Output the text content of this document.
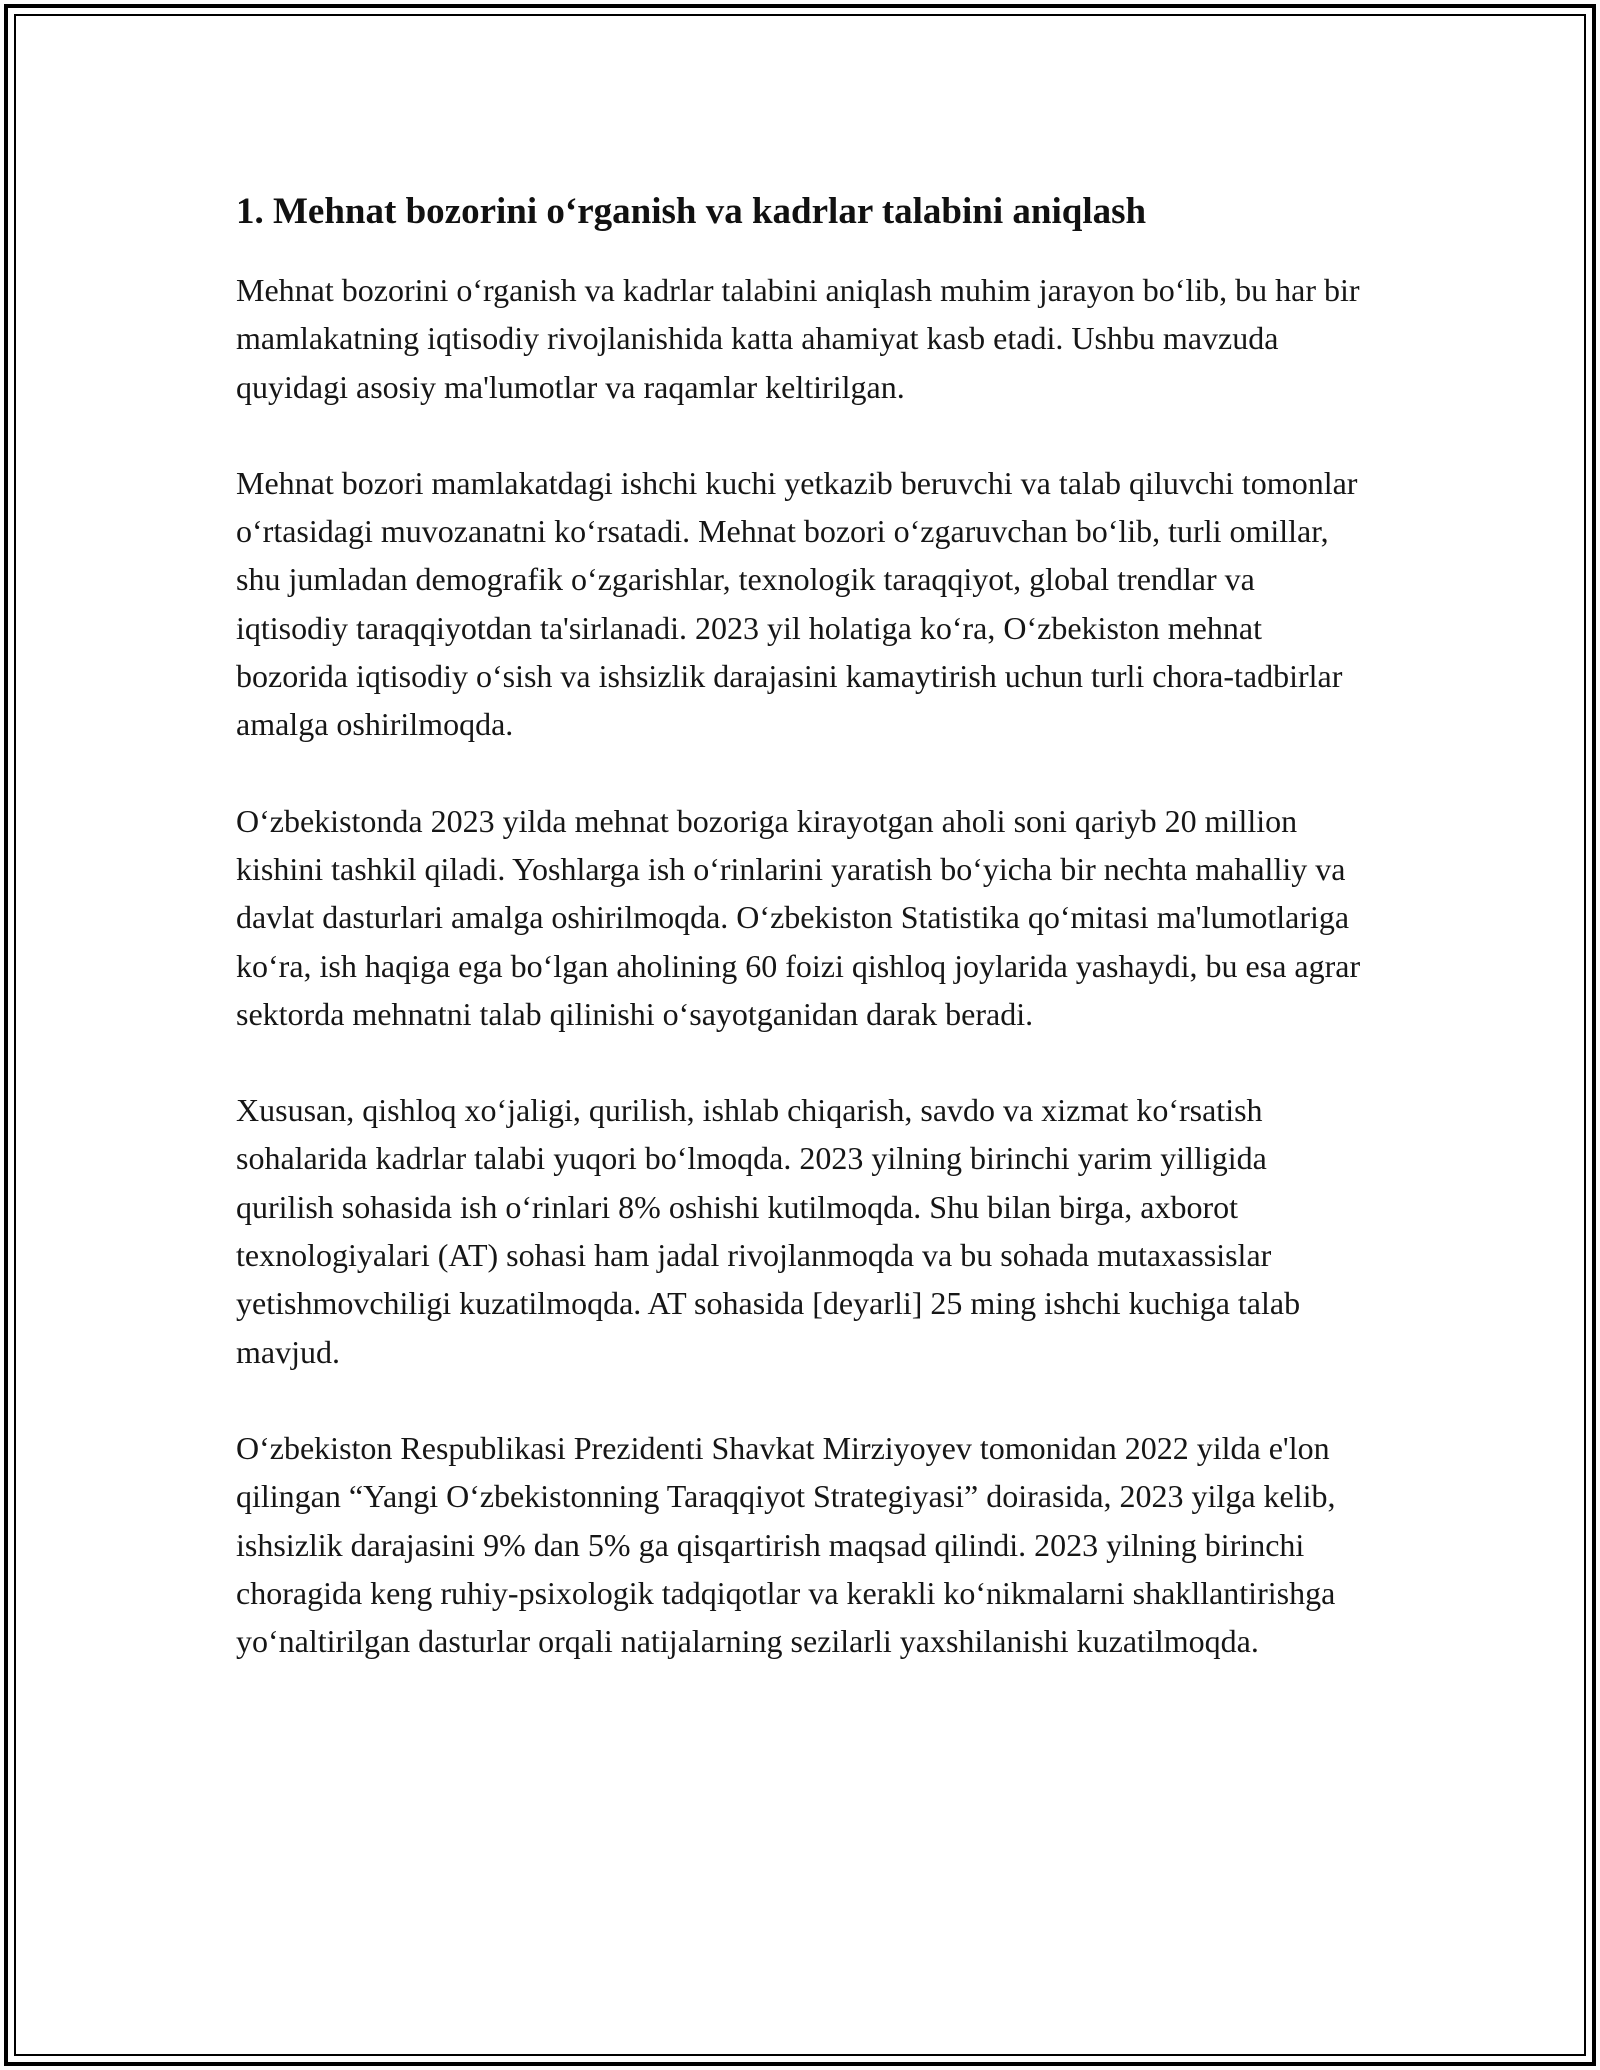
1. Mehnat bozorini oʻrganish va kadrlar talabini aniqlash

Mehnat bozorini oʻrganish va kadrlar talabini aniqlash muhim jarayon boʻlib, bu har bir mamlakatning iqtisodiy rivojlanishida katta ahamiyat kasb etadi. Ushbu mavzuda quyidagi asosiy ma'lumotlar va raqamlar keltirilgan.

Mehnat bozori mamlakatdagi ishchi kuchi yetkazib beruvchi va talab qiluvchi tomonlar oʻrtasidagi muvozanatni koʻrsatadi. Mehnat bozori oʻzgaruvchan boʻlib, turli omillar, shu jumladan demografik oʻzgarishlar, texnologik taraqqiyot, global trendlar va iqtisodiy taraqqiyotdan ta'sirlanadi. 2023 yil holatiga koʻra, Oʻzbekiston mehnat bozorida iqtisodiy oʻsish va ishsizlik darajasini kamaytirish uchun turli chora-tadbirlar amalga oshirilmoqda.

Oʻzbekistonda 2023 yilda mehnat bozoriga kirayotgan aholi soni qariyb 20 million kishini tashkil qiladi. Yoshlarga ish oʻrinlarini yaratish boʻyicha bir nechta mahalliy va davlat dasturlari amalga oshirilmoqda. Oʻzbekiston Statistika qoʻmitasi ma'lumotlariga koʻra, ish haqiga ega boʻlgan aholining 60 foizi qishloq joylarida yashaydi, bu esa agrar sektorda mehnatni talab qilinishi oʻsayotganidan darak beradi.

Xususan, qishloq xoʻjaligi, qurilish, ishlab chiqarish, savdo va xizmat koʻrsatish sohalarida kadrlar talabi yuqori boʻlmoqda. 2023 yilning birinchi yarim yilligida qurilish sohasida ish oʻrinlari 8% oshishi kutilmoqda. Shu bilan birga, axborot texnologiyalari (AT) sohasi ham jadal rivojlanmoqda va bu sohada mutaxassislar yetishmovchiligi kuzatilmoqda. AT sohasida [deyarli] 25 ming ishchi kuchiga talab mavjud.

Oʻzbekiston Respublikasi Prezidenti Shavkat Mirziyoyev tomonidan 2022 yilda e'lon qilingan “Yangi Oʻzbekistonning Taraqqiyot Strategiyasi” doirasida, 2023 yilga kelib, ishsizlik darajasini 9% dan 5% ga qisqartirish maqsad qilindi. 2023 yilning birinchi choragida keng ruhiy-psixologik tadqiqotlar va kerakli koʻnikmalarni shakllantirishga yoʻnaltirilgan dasturlar orqali natijalarning sezilarli yaxshilanishi kuzatilmoqda.
